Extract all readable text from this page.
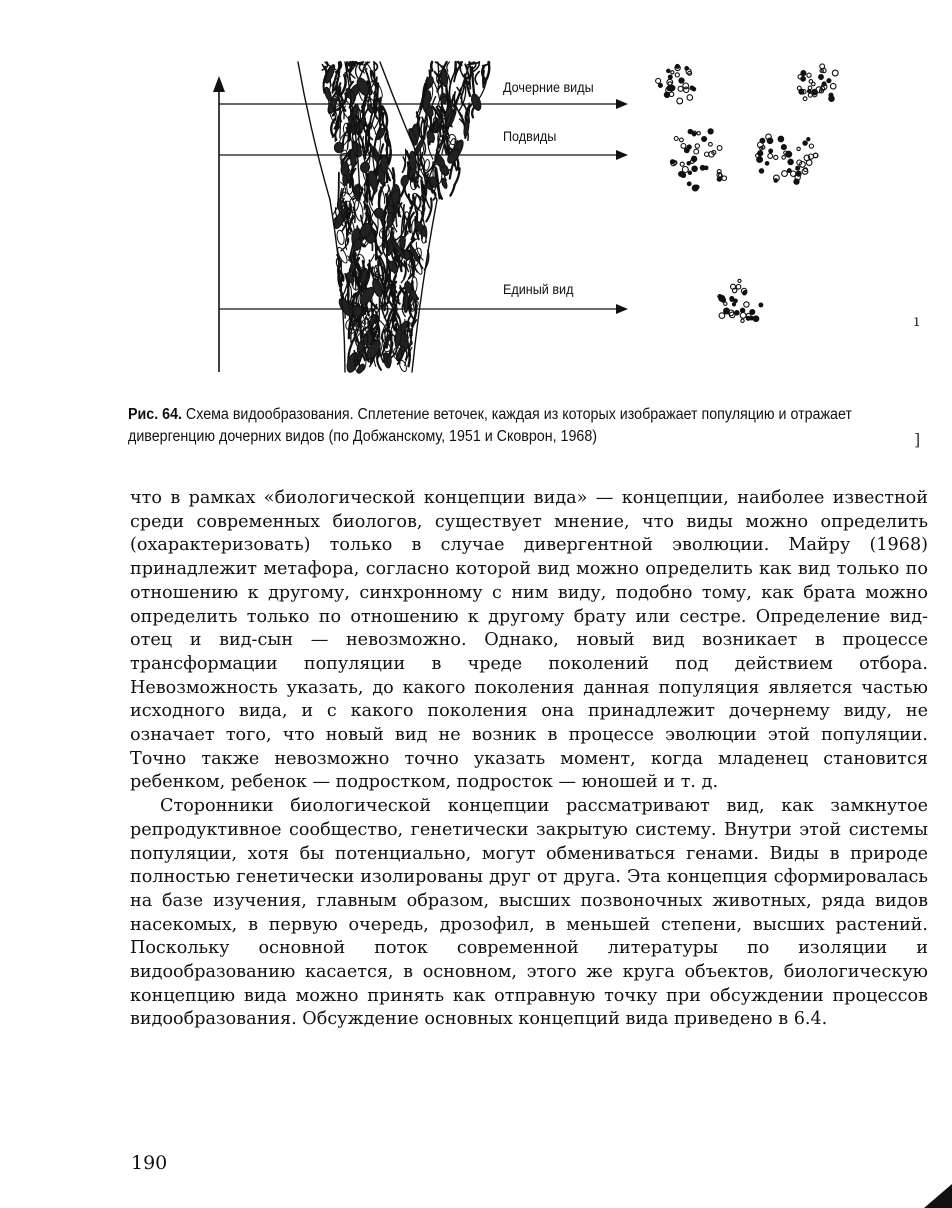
Дочерние виды
Подвиды
Единый вид
ı
]
Рис. 64. Схема видообразования. Сплетение веточек, каждая из которых изображает популяцию и отражает дивергенцию дочерних видов (по Добжанскому, 1951 и Сковрон, 1968)

что в рамках «биологической концепции вида» — концепции, наиболее известной среди современных биологов, существует мнение, что виды можно определить (охарактеризовать) только в случае дивергентной эволюции. Майру (1968) принадлежит метафора, согласно которой вид можно определить как вид только по отношению к другому, синхронному с ним виду, подобно тому, как брата можно определить только по отношению к другому брату или сестре. Определение вид-отец и вид-сын — невозможно. Однако, новый вид возникает в процессе трансформации популяции в чреде поколений под действием отбора. Невозможность указать, до какого поколения данная популяция является частью исходного вида, и с какого поколения она принадлежит дочернему виду, не означает того, что новый вид не возник в процессе эволюции этой популяции. Точно также невозможно точно указать момент, когда младенец становится ребенком, ребенок — подростком, подросток — юношей и т. д.

Сторонники биологической концепции рассматривают вид, как замкнутое репродуктивное сообщество, генетически закрытую систему. Внутри этой системы популяции, хотя бы потенциально, могут обмениваться генами. Виды в природе полностью генетически изолированы друг от друга. Эта концепция сформировалась на базе изучения, главным образом, высших позвоночных животных, ряда видов насекомых, в первую очередь, дрозофил, в меньшей степени, высших растений. Поскольку основной поток современной литературы по изоляции и видообразованию касается, в основном, этого же круга объектов, биологическую концепцию вида можно принять как отправную точку при обсуждении процессов видообразования. Обсуждение основных концепций вида приведено в 6.4.

190
